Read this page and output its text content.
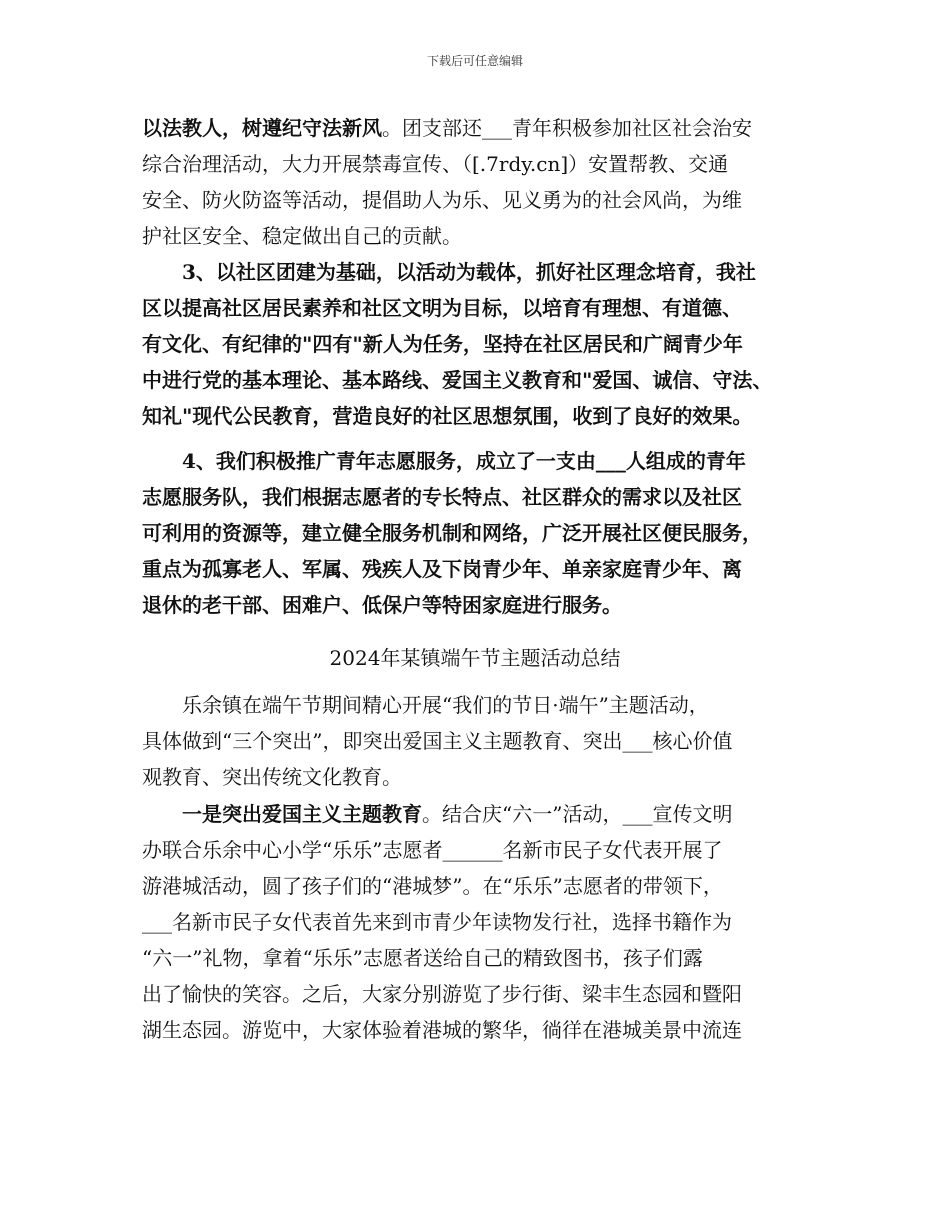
下载后可任意编辑
以法教人，树遵纪守法新风。团支部还___青年积极参加社区社会治安
综合治理活动，大力开展禁毒宣传、（[.7rdy.cn]）安置帮教、交通
安全、防火防盗等活动，提倡助人为乐、见义勇为的社会风尚，为维
护社区安全、稳定做出自己的贡献。
3、以社区团建为基础，以活动为载体，抓好社区理念培育，我社
区以提高社区居民素养和社区文明为目标，以培育有理想、有道德、
有文化、有纪律的"四有"新人为任务，坚持在社区居民和广阔青少年
中进行党的基本理论、基本路线、爱国主义教育和"爱国、诚信、守法、
知礼"现代公民教育，营造良好的社区思想氛围，收到了良好的效果。
4、我们积极推广青年志愿服务，成立了一支由___人组成的青年
志愿服务队，我们根据志愿者的专长特点、社区群众的需求以及社区
可利用的资源等，建立健全服务机制和网络，广泛开展社区便民服务，
重点为孤寡老人、军属、残疾人及下岗青少年、单亲家庭青少年、离
退休的老干部、困难户、低保户等特困家庭进行服务。
2024年某镇端午节主题活动总结
乐余镇在端午节期间精心开展“我们的节日·端午”主题活动，
具体做到“三个突出”，即突出爱国主义主题教育、突出___核心价值
观教育、突出传统文化教育。
一是突出爱国主义主题教育。结合庆“六一”活动，___宣传文明
办联合乐余中心小学“乐乐”志愿者______名新市民子女代表开展了
游港城活动，圆了孩子们的“港城梦”。在“乐乐”志愿者的带领下，
___名新市民子女代表首先来到市青少年读物发行社，选择书籍作为
“六一”礼物，拿着“乐乐”志愿者送给自己的精致图书，孩子们露
出了愉快的笑容。之后，大家分别游览了步行街、梁丰生态园和暨阳
湖生态园。游览中，大家体验着港城的繁华，徜徉在港城美景中流连
